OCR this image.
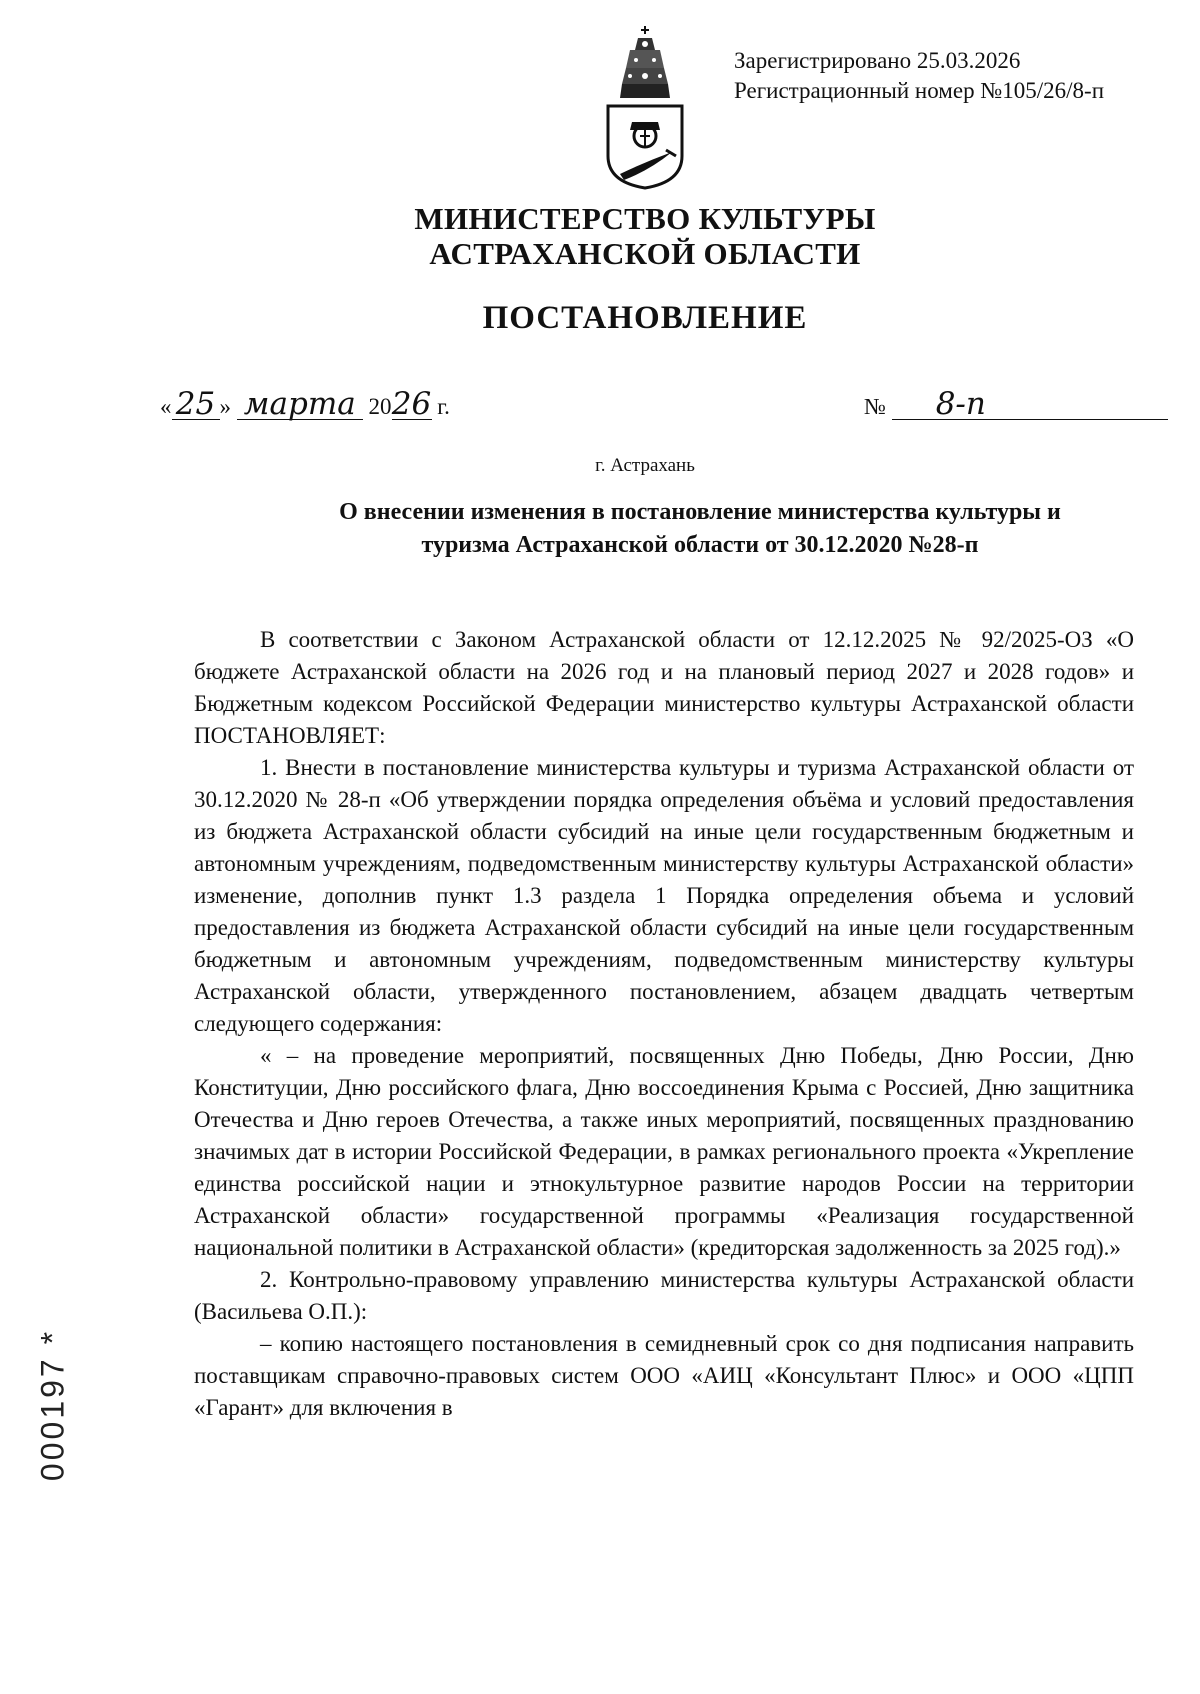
Зарегистрировано 25.03.2026
Регистрационный номер №105/26/8-п
МИНИСТЕРСТВО КУЛЬТУРЫ
АСТРАХАНСКОЙ ОБЛАСТИ
ПОСТАНОВЛЕНИЕ
« 25 » марта 2026 г.	№ 8-п
г. Астрахань
О внесении изменения в постановление министерства культуры и
туризма Астраханской области от 30.12.2020 №28-п

В соответствии с Законом Астраханской области от 12.12.2025 № 92/2025-ОЗ «О бюджете Астраханской области на 2026 год и на плановый период 2027 и 2028 годов» и Бюджетным кодексом Российской Федерации министерство культуры Астраханской области ПОСТАНОВЛЯЕТ:

1. Внести в постановление министерства культуры и туризма Астраханской области от 30.12.2020 № 28-п «Об утверждении порядка определения объёма и условий предоставления из бюджета Астраханской области субсидий на иные цели государственным бюджетным и автономным учреждениям, подведомственным министерству культуры Астраханской области» изменение, дополнив пункт 1.3 раздела 1 Порядка определения объема и условий предоставления из бюджета Астраханской области субсидий на иные цели государственным бюджетным и автономным учреждениям, подведомственным министерству культуры Астраханской области, утвержденного постановлением, абзацем двадцать четвертым следующего содержания:

« – на проведение мероприятий, посвященных Дню Победы, Дню России, Дню Конституции, Дню российского флага, Дню воссоединения Крыма с Россией, Дню защитника Отечества и Дню героев Отечества, а также иных мероприятий, посвященных празднованию значимых дат в истории Российской Федерации, в рамках регионального проекта «Укрепление единства российской нации и этнокультурное развитие народов России на территории Астраханской области» государственной программы «Реализация государственной национальной политики в Астраханской области» (кредиторская задолженность за 2025 год).»

2. Контрольно-правовому управлению министерства культуры Астраханской области (Васильева О.П.):

– копию настоящего постановления в семидневный срок со дня подписания направить поставщикам справочно-правовых систем ООО «АИЦ «Консультант Плюс» и ООО «ЦПП «Гарант» для включения в

000197 *
